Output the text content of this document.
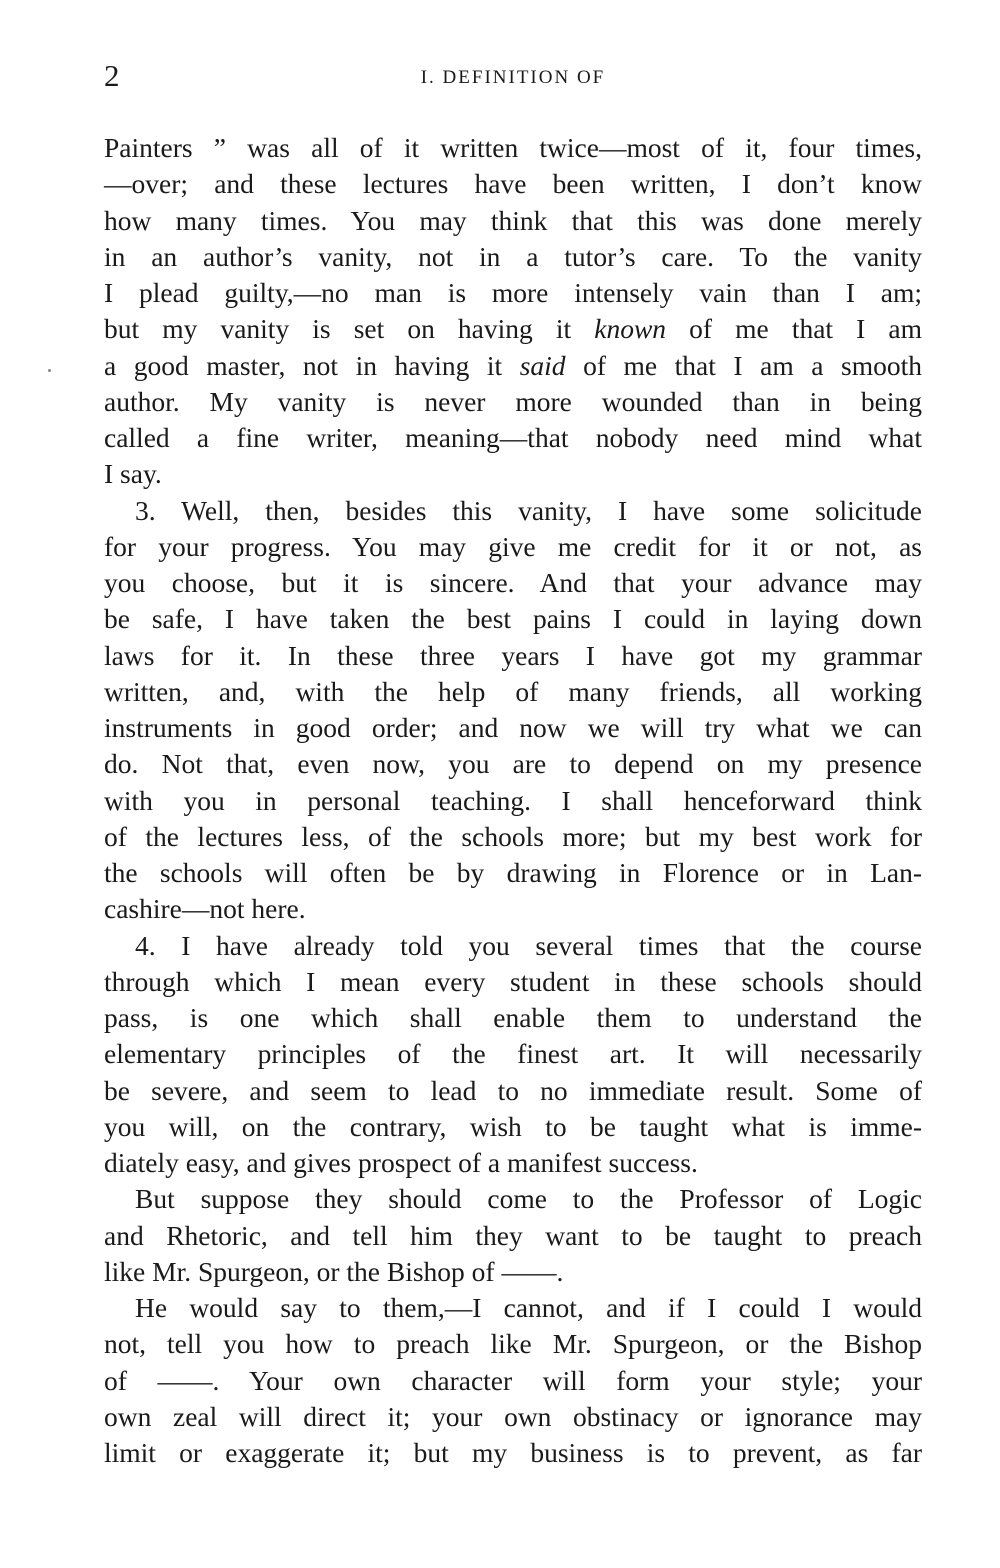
2	I. DEFINITION OF
Painters ” was all of it written twice—most of it, four times,
—over; and these lectures have been written, I don’t know
how many times. You may think that this was done merely
in an author’s vanity, not in a tutor’s care. To the vanity
I plead guilty,—no man is more intensely vain than I am;
but my vanity is set on having it known of me that I am
a good master, not in having it said of me that I am a smooth
author. My vanity is never more wounded than in being
called a fine writer, meaning—that nobody need mind what
I say.
3. Well, then, besides this vanity, I have some solicitude
for your progress. You may give me credit for it or not, as
you choose, but it is sincere. And that your advance may
be safe, I have taken the best pains I could in laying down
laws for it. In these three years I have got my grammar
written, and, with the help of many friends, all working
instruments in good order; and now we will try what we can
do. Not that, even now, you are to depend on my presence
with you in personal teaching. I shall henceforward think
of the lectures less, of the schools more; but my best work for
the schools will often be by drawing in Florence or in Lan-
cashire—not here.
4. I have already told you several times that the course
through which I mean every student in these schools should
pass, is one which shall enable them to understand the
elementary principles of the finest art. It will necessarily
be severe, and seem to lead to no immediate result. Some of
you will, on the contrary, wish to be taught what is imme-
diately easy, and gives prospect of a manifest success.
But suppose they should come to the Professor of Logic
and Rhetoric, and tell him they want to be taught to preach
like Mr. Spurgeon, or the Bishop of ——.
He would say to them,—I cannot, and if I could I would
not, tell you how to preach like Mr. Spurgeon, or the Bishop
of ——. Your own character will form your style; your
own zeal will direct it; your own obstinacy or ignorance may
limit or exaggerate it; but my business is to prevent, as far
